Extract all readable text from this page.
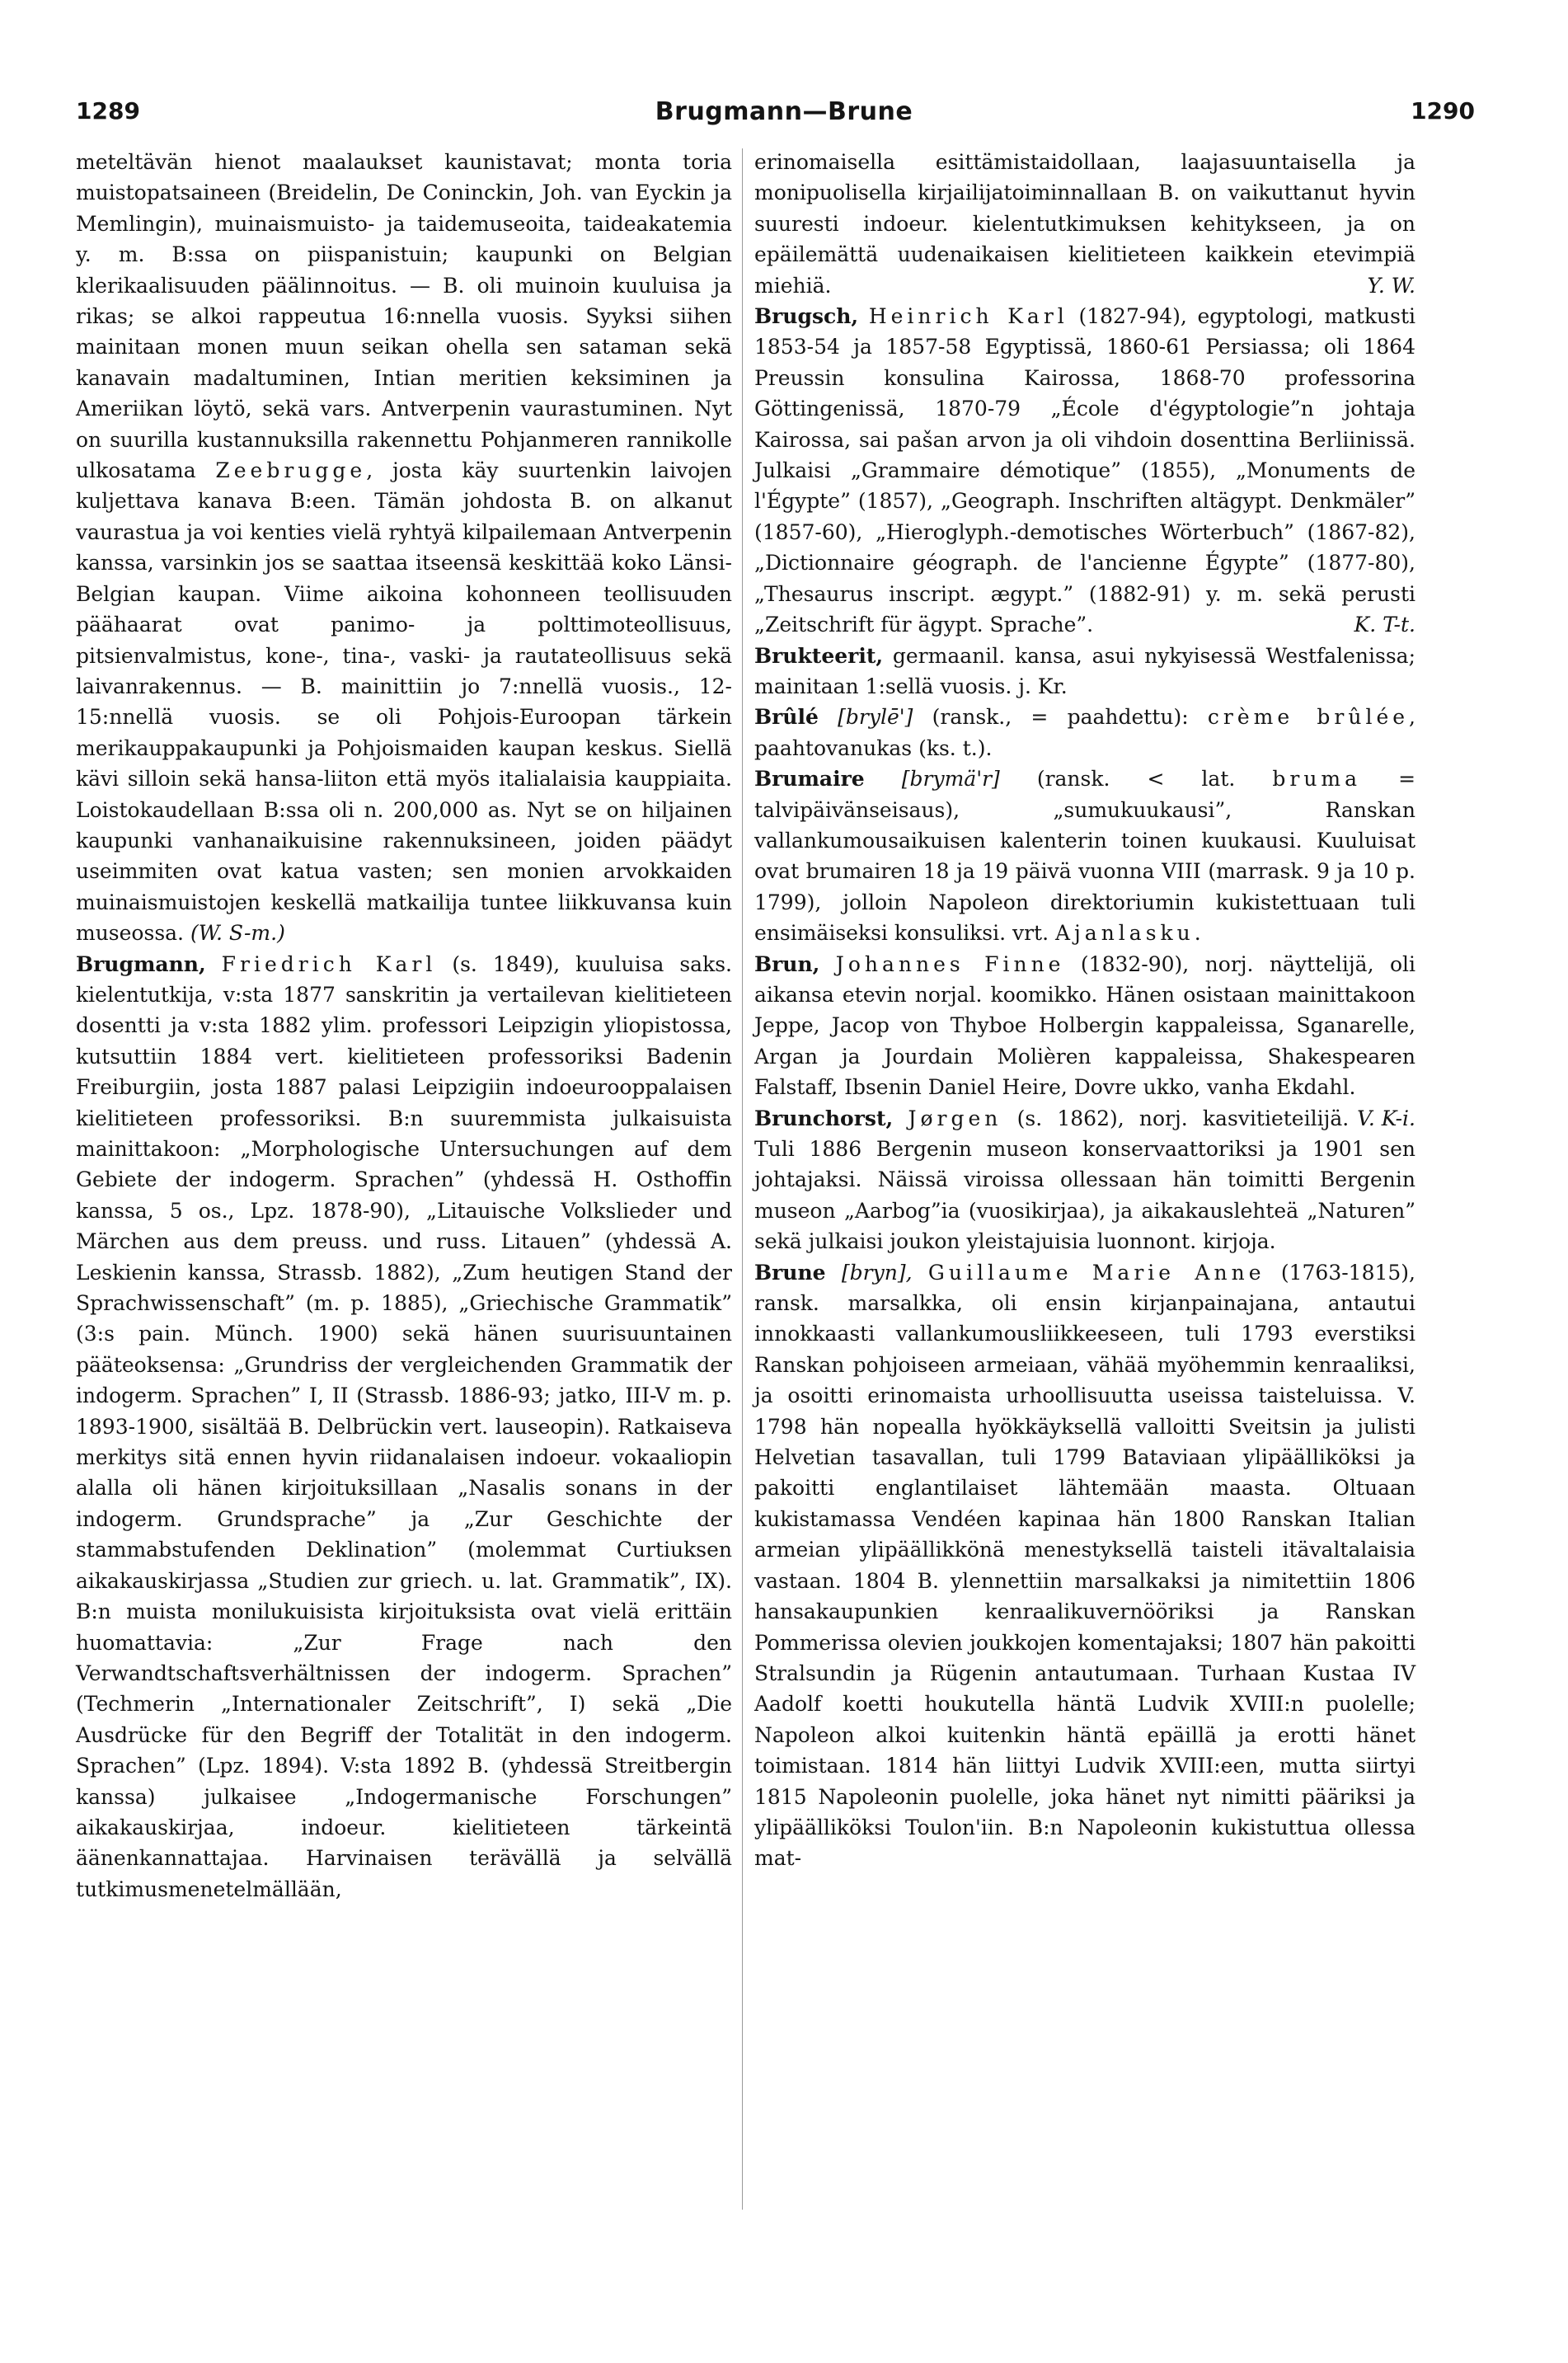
1289	Brugmann—Brune	1290

meteltävän hienot maalaukset kaunistavat; monta toria muistopatsaineen (Breidelin, De Coninckin, Joh. van Eyckin ja Memlingin), muinaismuisto- ja taidemuseoita, taideakatemia y. m. B:ssa on piispanistuin; kaupunki on Belgian klerikaalisuuden päälinnoitus. — B. oli muinoin kuuluisa ja rikas; se alkoi rappeutua 16:nnella vuosis. Syyksi siihen mainitaan monen muun seikan ohella sen sataman sekä kanavain madaltuminen, Intian meritien keksiminen ja Ameriikan löytö, sekä vars. Antverpenin vaurastuminen. Nyt on suurilla kustannuksilla rakennettu Pohjanmeren rannikolle ulkosatama Zeebrugge, josta käy suurtenkin laivojen kuljettava kanava B:een. Tämän johdosta B. on alkanut vaurastua ja voi kenties vielä ryhtyä kilpailemaan Antverpenin kanssa, varsinkin jos se saattaa itseensä keskittää koko Länsi-Belgian kaupan. Viime aikoina kohonneen teollisuuden päähaarat ovat panimo- ja polttimoteollisuus, pitsienvalmistus, kone-, tina-, vaski- ja rautateollisuus sekä laivanrakennus. — B. mainittiin jo 7:nnellä vuosis., 12-15:nnellä vuosis. se oli Pohjois-Euroopan tärkein merikauppakaupunki ja Pohjoismaiden kaupan keskus. Siellä kävi silloin sekä hansa-liiton että myös italialaisia kauppiaita. Loistokaudellaan B:ssa oli n. 200,000 as. Nyt se on hiljainen kaupunki vanhanaikuisine rakennuksineen, joiden päädyt useimmiten ovat katua vasten; sen monien arvokkaiden muinaismuistojen keskellä matkailija tuntee liikkuvansa kuin museossa. (W. S-m.)

Brugmann, Friedrich Karl (s. 1849), kuuluisa saks. kielentutkija, v:sta 1877 sanskritin ja vertailevan kielitieteen dosentti ja v:sta 1882 ylim. professori Leipzigin yliopistossa, kutsuttiin 1884 vert. kielitieteen professoriksi Badenin Freiburgiin, josta 1887 palasi Leipzigiin indoeurooppalaisen kielitieteen professoriksi. B:n suuremmista julkaisuista mainittakoon: „Morphologische Untersuchungen auf dem Gebiete der indogerm. Sprachen” (yhdessä H. Osthoffin kanssa, 5 os., Lpz. 1878-90), „Litauische Volkslieder und Märchen aus dem preuss. und russ. Litauen” (yhdessä A. Leskienin kanssa, Strassb. 1882), „Zum heutigen Stand der Sprachwissenschaft” (m. p. 1885), „Griechische Grammatik” (3:s pain. Münch. 1900) sekä hänen suurisuuntainen pääteoksensa: „Grundriss der vergleichenden Grammatik der indogerm. Sprachen” I, II (Strassb. 1886-93; jatko, III-V m. p. 1893-1900, sisältää B. Delbrückin vert. lauseopin). Ratkaiseva merkitys sitä ennen hyvin riidanalaisen indoeur. vokaaliopin alalla oli hänen kirjoituksillaan „Nasalis sonans in der indogerm. Grundsprache” ja „Zur Geschichte der stammabstufenden Deklination” (molemmat Curtiuksen aikakauskirjassa „Studien zur griech. u. lat. Grammatik”, IX). B:n muista monilukuisista kirjoituksista ovat vielä erittäin huomattavia: „Zur Frage nach den Verwandtschaftsverhältnissen der indogerm. Sprachen” (Techmerin „Internationaler Zeitschrift”, I) sekä „Die Ausdrücke für den Begriff der Totalität in den indogerm. Sprachen” (Lpz. 1894). V:sta 1892 B. (yhdessä Streitbergin kanssa) julkaisee „Indogermanische Forschungen” aikakauskirjaa, indoeur. kielitieteen tärkeintä äänenkannattajaa. Harvinaisen terävällä ja selvällä tutkimusmenetelmällään,

erinomaisella esittämistaidollaan, laajasuuntaisella ja monipuolisella kirjailijatoiminnallaan B. on vaikuttanut hyvin suuresti indoeur. kielentutkimuksen kehitykseen, ja on epäilemättä uudenaikaisen kielitieteen kaikkein etevimpiä miehiä.	Y. W.

Brugsch, Heinrich Karl (1827-94), egyptologi, matkusti 1853-54 ja 1857-58 Egyptissä, 1860-61 Persiassa; oli 1864 Preussin konsulina Kairossa, 1868-70 professorina Göttingenissä, 1870-79 „École d'égyptologie”n johtaja Kairossa, sai pašan arvon ja oli vihdoin dosenttina Berliinissä. Julkaisi „Grammaire démotique” (1855), „Monuments de l'Égypte” (1857), „Geograph. Inschriften altägypt. Denkmäler” (1857-60), „Hieroglyph.-demotisches Wörterbuch” (1867-82), „Dictionnaire géograph. de l'ancienne Égypte” (1877-80), „Thesaurus inscript. ægypt.” (1882-91) y. m. sekä perusti „Zeitschrift für ägypt. Sprache”.	K. T-t.

Brukteerit, germaanil. kansa, asui nykyisessä Westfalenissa; mainitaan 1:sellä vuosis. j. Kr.

Brûlé [brylē'] (ransk., = paahdettu): crème brûlée, paahtovanukas (ks. t.).

Brumaire [brymä'r] (ransk. < lat. bruma = talvipäivänseisaus), „sumukuukausi”, Ranskan vallankumousaikuisen kalenterin toinen kuukausi. Kuuluisat ovat brumairen 18 ja 19 päivä vuonna VIII (marrask. 9 ja 10 p. 1799), jolloin Napoleon direktoriumin kukistettuaan tuli ensimäiseksi konsuliksi. vrt. Ajanlasku.

Brun, Johannes Finne (1832-90), norj. näyttelijä, oli aikansa etevin norjal. koomikko. Hänen osistaan mainittakoon Jeppe, Jacop von Thyboe Holbergin kappaleissa, Sganarelle, Argan ja Jourdain Molièren kappaleissa, Shakespearen Falstaff, Ibsenin Daniel Heire, Dovre ukko, vanha Ekdahl.
V. K-i.

Brunchorst, Jørgen (s. 1862), norj. kasvitieteilijä. Tuli 1886 Bergenin museon konservaattoriksi ja 1901 sen johtajaksi. Näissä viroissa ollessaan hän toimitti Bergenin museon „Aarbog”ia (vuosikirjaa), ja aikakauslehteä „Naturen” sekä julkaisi joukon yleistajuisia luonnont. kirjoja.

Brune [bryn], Guillaume Marie Anne (1763-1815), ransk. marsalkka, oli ensin kirjanpainajana, antautui innokkaasti vallankumousliikkeeseen, tuli 1793 everstiksi Ranskan pohjoiseen armeiaan, vähää myöhemmin kenraaliksi, ja osoitti erinomaista urhoollisuutta useissa taisteluissa. V. 1798 hän nopealla hyökkäyksellä valloitti Sveitsin ja julisti Helvetian tasavallan, tuli 1799 Bataviaan ylipäälliköksi ja pakoitti englantilaiset lähtemään maasta. Oltuaan kukistamassa Vendéen kapinaa hän 1800 Ranskan Italian armeian ylipäällikkönä menestyksellä taisteli itävaltalaisia vastaan. 1804 B. ylennettiin marsalkaksi ja nimitettiin 1806 hansakaupunkien kenraalikuvernööriksi ja Ranskan Pommerissa olevien joukkojen komentajaksi; 1807 hän pakoitti Stralsundin ja Rügenin antautumaan. Turhaan Kustaa IV Aadolf koetti houkutella häntä Ludvik XVIII:n puolelle; Napoleon alkoi kuitenkin häntä epäillä ja erotti hänet toimistaan. 1814 hän liittyi Ludvik XVIII:een, mutta siirtyi 1815 Napoleonin puolelle, joka hänet nyt nimitti pääriksi ja ylipäälliköksi Toulon'iin. B:n Napoleonin kukistuttua ollessa mat-
